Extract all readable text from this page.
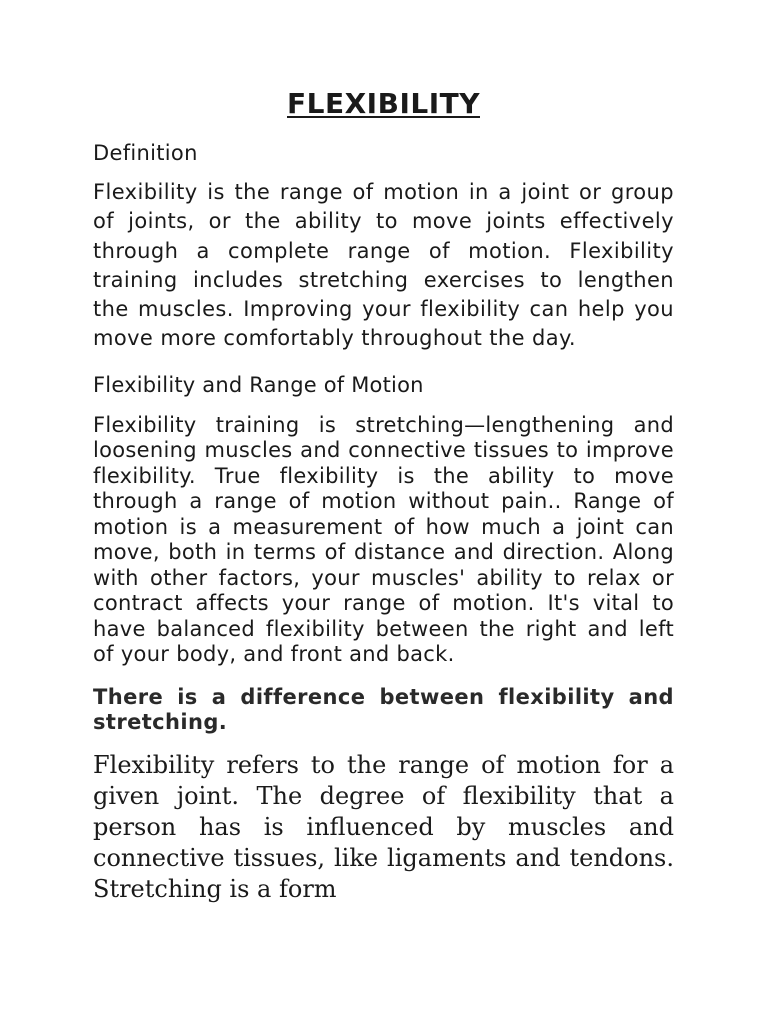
FLEXIBILITY
Definition

Flexibility is the range of motion in a joint or group of joints, or the ability to move joints effectively through a complete range of motion. Flexibility training includes stretching exercises to lengthen the muscles. Improving your flexibility can help you move more comfortably throughout the day.

Flexibility and Range of Motion

Flexibility training is stretching—lengthening and loosening muscles and connective tissues to improve flexibility. True flexibility is the ability to move through a range of motion without pain.. Range of motion is a measurement of how much a joint can move, both in terms of distance and direction. Along with other factors, your muscles' ability to relax or contract affects your range of motion. It's vital to have balanced flexibility between the right and left of your body, and front and back.

There is a difference between flexibility and stretching.

Flexibility refers to the range of motion for a given joint. The degree of flexibility that a person has is influenced by muscles and connective tissues, like ligaments and tendons. Stretching is a form
